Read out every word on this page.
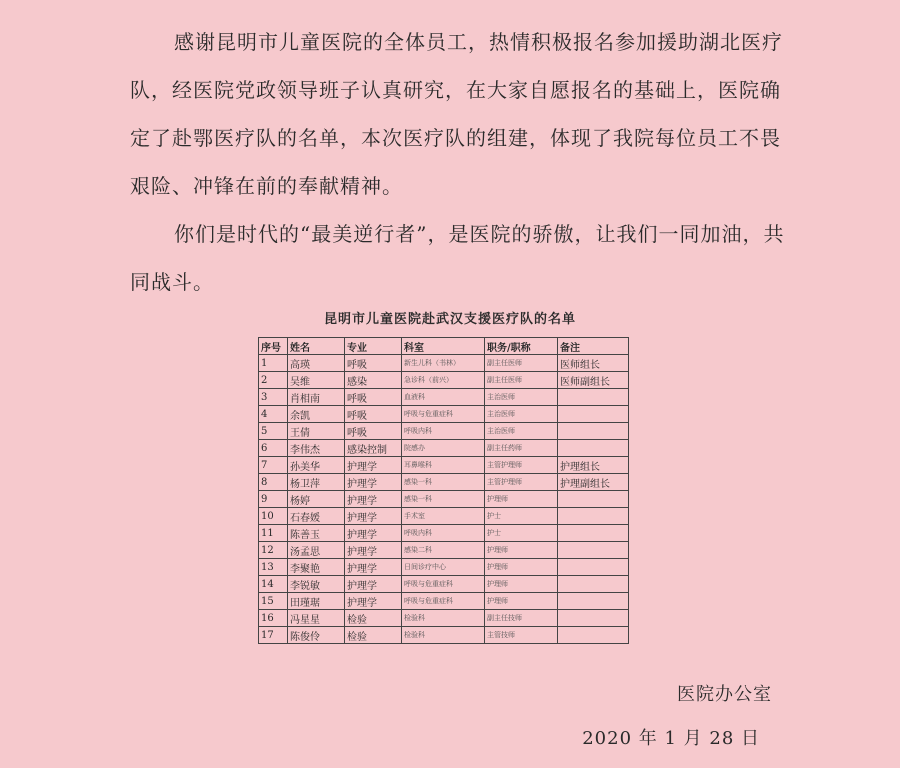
感谢昆明市儿童医院的全体员工，热情积极报名参加援助湖北医疗队，经医院党政领导班子认真研究，在大家自愿报名的基础上，医院确定了赴鄂医疗队的名单，本次医疗队的组建，体现了我院每位员工不畏艰险、冲锋在前的奉献精神。

你们是时代的“最美逆行者”，是医院的骄傲，让我们一同加油，共同战斗。

昆明市儿童医院赴武汉支援医疗队的名单
序号	姓名	专业	科室	职务/职称	备注
1	高瑛	呼吸	新生儿科（书林）	副主任医师	医师组长
2	吴维	感染	急诊科（前兴）	副主任医师	医师副组长
3	肖相南	呼吸	血液科	主治医师	
4	余凯	呼吸	呼吸与危重症科	主治医师	
5	王倩	呼吸	呼吸内科	主治医师	
6	李伟杰	感染控制	院感办	副主任药师	
7	孙美华	护理学	耳鼻喉科	主管护理师	护理组长
8	杨卫萍	护理学	感染一科	主管护理师	护理副组长
9	杨婷	护理学	感染一科	护理师	
10	石春媛	护理学	手术室	护士	
11	陈善玉	护理学	呼吸内科	护士	
12	汤孟思	护理学	感染二科	护理师	
13	李聚艳	护理学	日间诊疗中心	护理师	
14	李锐敏	护理学	呼吸与危重症科	护理师	
15	田瑾琚	护理学	呼吸与危重症科	护理师	
16	冯星星	检验	检验科	副主任技师	
17	陈俊伶	检验	检验科	主管技师	
医院办公室
2020 年 1 月 28 日
